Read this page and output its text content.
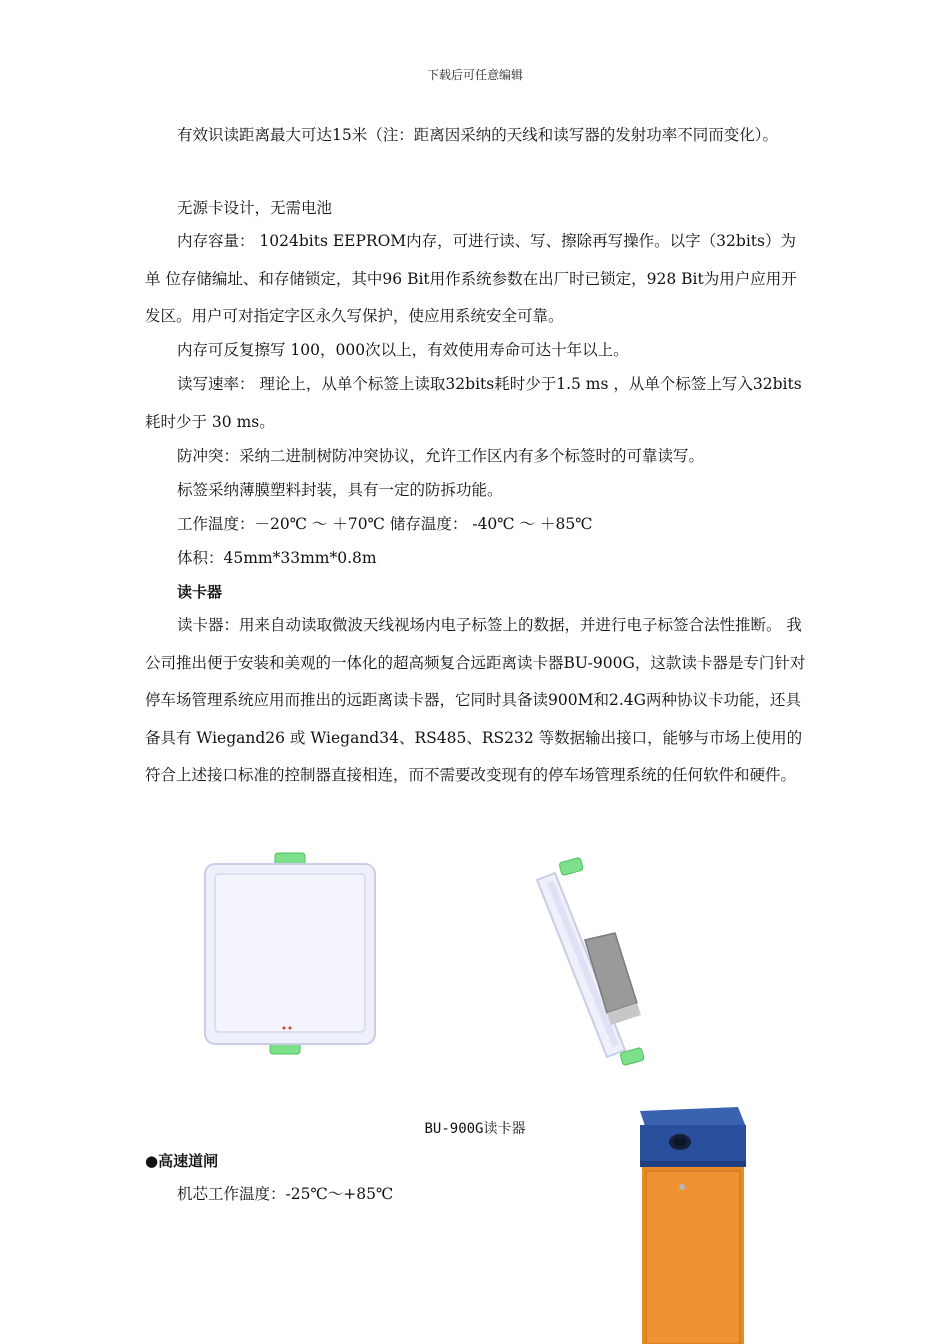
下载后可任意编辑

有效识读距离最大可达15米（注：距离因采纳的天线和读写器的发射功率不同而变化）。

无源卡设计，无需电池

内存容量： 1024bits EEPROM内存，可进行读、写、擦除再写操作。以字（32bits）为单 位存储编址、和存储锁定，其中96 Bit用作系统参数在出厂时已锁定，928 Bit为用户应用开发区。用户可对指定字区永久写保护，使应用系统安全可靠。

内存可反复擦写 100，000次以上，有效使用寿命可达十年以上。

读写速率： 理论上，从单个标签上读取32bits耗时少于1.5 ms ，从单个标签上写入32bits 耗时少于 30 ms。

防冲突：采纳二进制树防冲突协议，允许工作区内有多个标签时的可靠读写。

标签采纳薄膜塑料封装，具有一定的防拆功能。

工作温度：－20℃ ～ ＋70℃ 储存温度： -40℃ ～ ＋85℃

体积：45mm*33mm*0.8m

读卡器

读卡器：用来自动读取微波天线视场内电子标签上的数据，并进行电子标签合法性推断。 我公司推出便于安装和美观的一体化的超高频复合远距离读卡器BU-900G，这款读卡器是专门针对停车场管理系统应用而推出的远距离读卡器，它同时具备读900M和2.4G两种协议卡功能，还具备具有 Wiegand26 或 Wiegand34、RS485、RS232 等数据输出接口，能够与市场上使用的符合上述接口标准的控制器直接相连，而不需要改变现有的停车场管理系统的任何软件和硬件。

BU-900G读卡器

●高速道闸

机芯工作温度：-25℃～+85℃
